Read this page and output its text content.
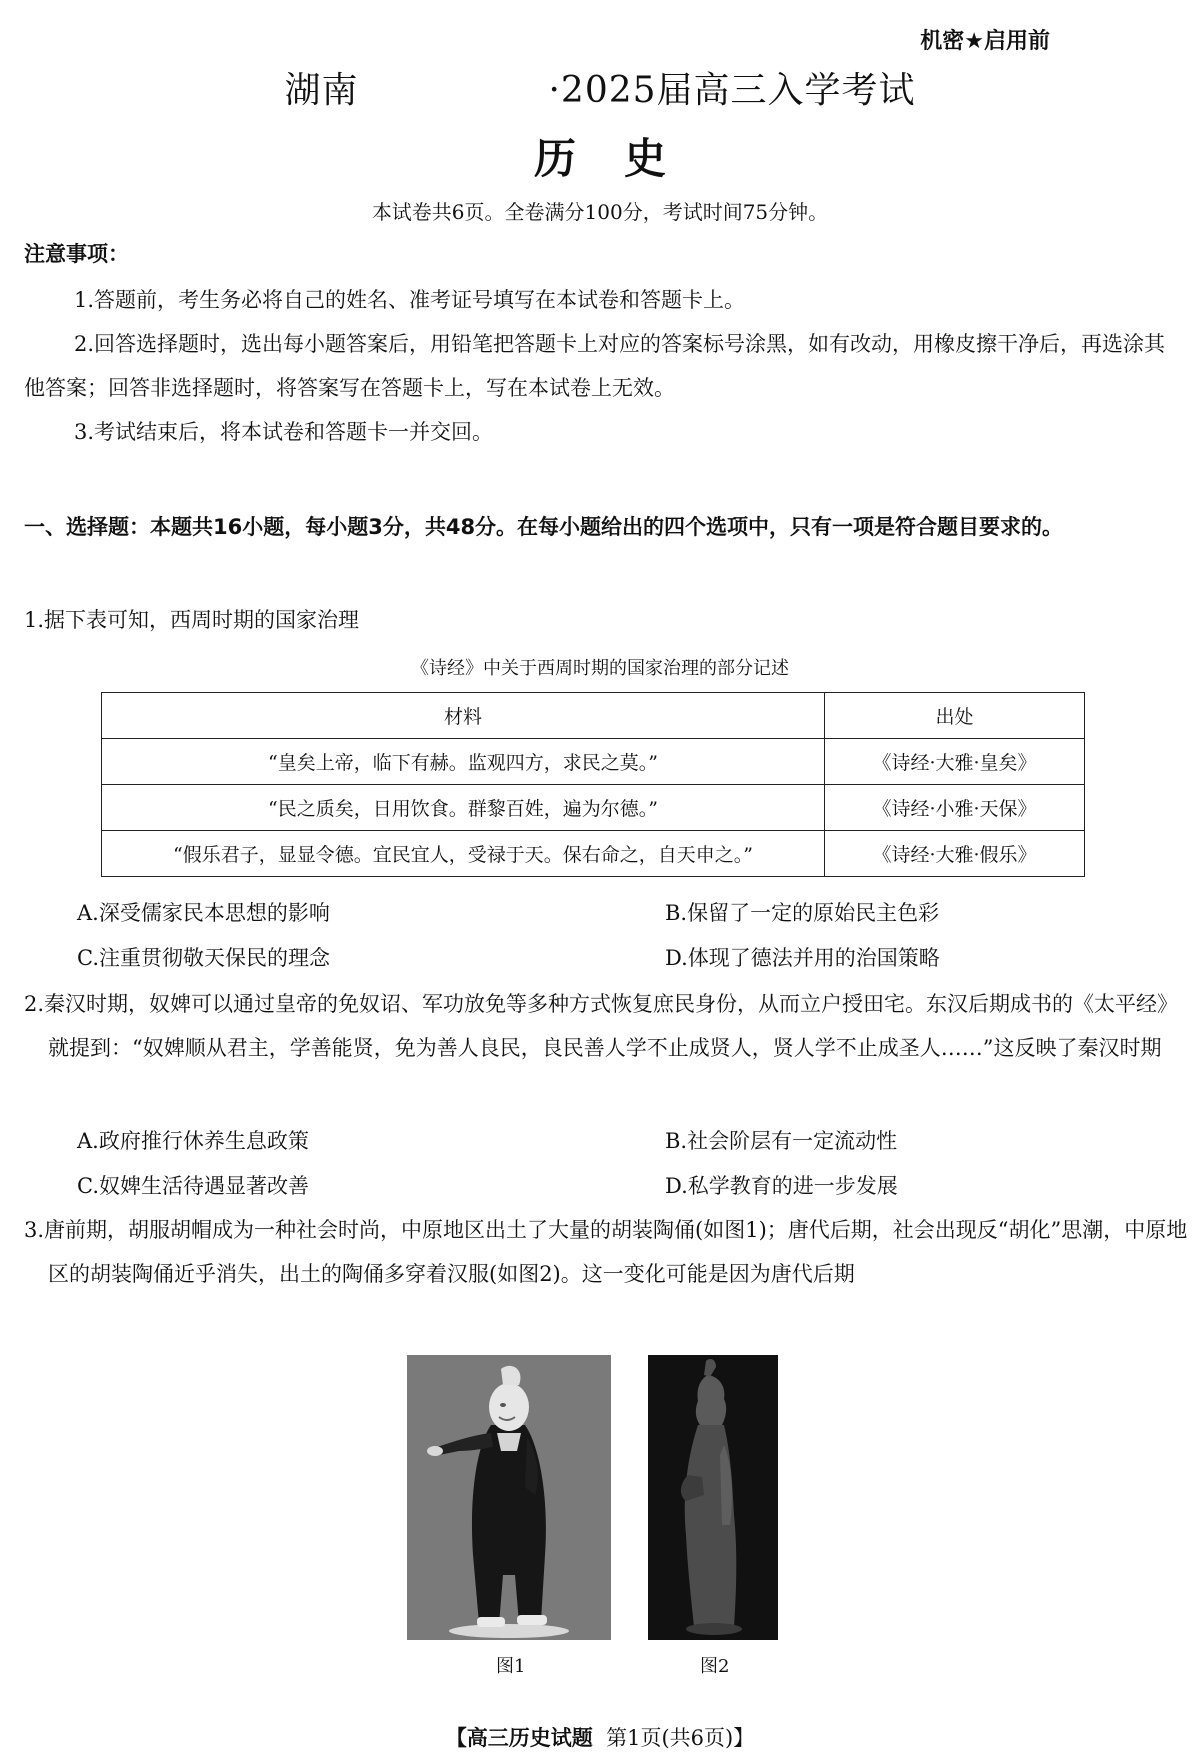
机密★启用前
湖南	·2025届高三入学考试
历史
本试卷共6页。全卷满分100分，考试时间75分钟。
注意事项：
1.答题前，考生务必将自己的姓名、准考证号填写在本试卷和答题卡上。
2.回答选择题时，选出每小题答案后，用铅笔把答题卡上对应的答案标号涂黑，如有改动，用橡皮擦干净后，再选涂其他答案；回答非选择题时，将答案写在答题卡上，写在本试卷上无效。
3.考试结束后，将本试卷和答题卡一并交回。
一、选择题：本题共16小题，每小题3分，共48分。在每小题给出的四个选项中，只有一项是符合题目要求的。
1.据下表可知，西周时期的国家治理
《诗经》中关于西周时期的国家治理的部分记述
材料	出处
“皇矣上帝，临下有赫。监观四方，求民之莫。”	《诗经·大雅·皇矣》
“民之质矣，日用饮食。群黎百姓，遍为尔德。”	《诗经·小雅·天保》
“假乐君子，显显令德。宜民宜人，受禄于天。保右命之，自天申之。”	《诗经·大雅·假乐》
A.深受儒家民本思想的影响	B.保留了一定的原始民主色彩
C.注重贯彻敬天保民的理念	D.体现了德法并用的治国策略
2.秦汉时期，奴婢可以通过皇帝的免奴诏、军功放免等多种方式恢复庶民身份，从而立户授田宅。东汉后期成书的《太平经》就提到：“奴婢顺从君主，学善能贤，免为善人良民，良民善人学不止成贤人，贤人学不止成圣人……”这反映了秦汉时期
A.政府推行休养生息政策	B.社会阶层有一定流动性
C.奴婢生活待遇显著改善	D.私学教育的进一步发展
3.唐前期，胡服胡帽成为一种社会时尚，中原地区出土了大量的胡装陶俑(如图1)；唐代后期，社会出现反“胡化”思潮，中原地区的胡装陶俑近乎消失，出土的陶俑多穿着汉服(如图2)。这一变化可能是因为唐代后期
图1	图2
【高三历史试题 第1页(共6页)】
